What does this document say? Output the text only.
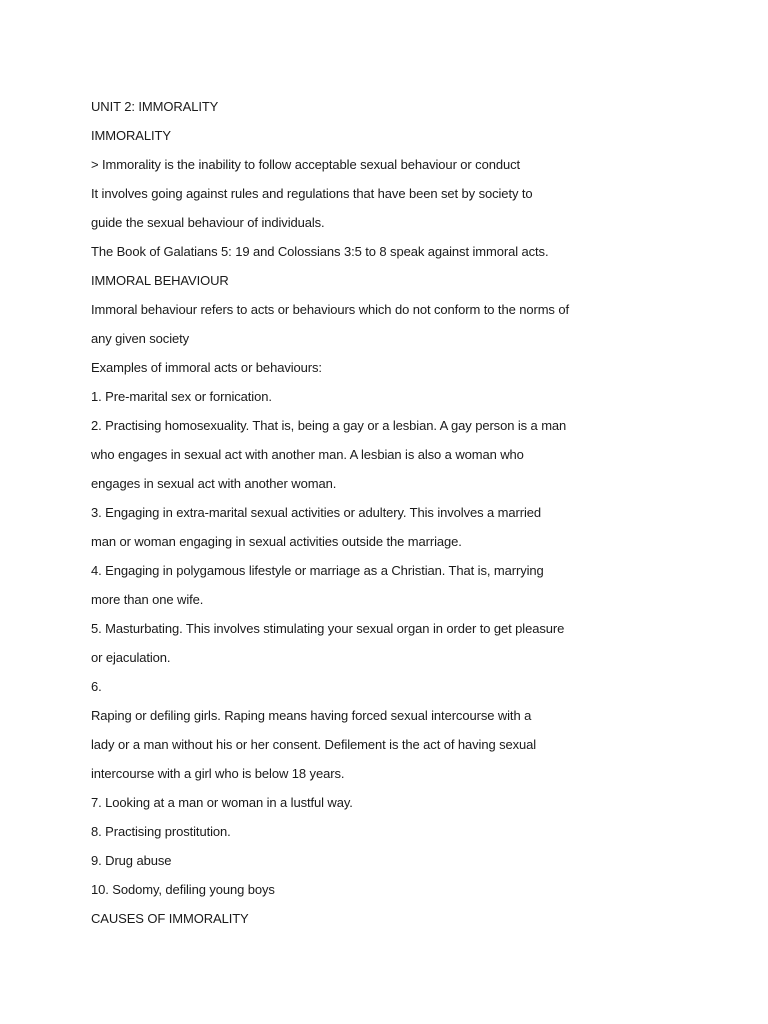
UNIT 2: IMMORALITY
IMMORALITY
> Immorality is the inability to follow acceptable sexual behaviour or conduct
It involves going against rules and regulations that have been set by society to
guide the sexual behaviour of individuals.
The Book of Galatians 5: 19 and Colossians 3:5 to 8 speak against immoral acts.
IMMORAL BEHAVIOUR
Immoral behaviour refers to acts or behaviours which do not conform to the norms of
any given society
Examples of immoral acts or behaviours:
1. Pre-marital sex or fornication.
2. Practising homosexuality. That is, being a gay or a lesbian. A gay person is a man
who engages in sexual act with another man. A lesbian is also a woman who
engages in sexual act with another woman.
3. Engaging in extra-marital sexual activities or adultery. This involves a married
man or woman engaging in sexual activities outside the marriage.
4. Engaging in polygamous lifestyle or marriage as a Christian. That is, marrying
more than one wife.
5. Masturbating. This involves stimulating your sexual organ in order to get pleasure
or ejaculation.
6.
Raping or defiling girls. Raping means having forced sexual intercourse with a
lady or a man without his or her consent. Defilement is the act of having sexual
intercourse with a girl who is below 18 years.
7. Looking at a man or woman in a lustful way.
8. Practising prostitution.
9. Drug abuse
10. Sodomy, defiling young boys
CAUSES OF IMMORALITY
